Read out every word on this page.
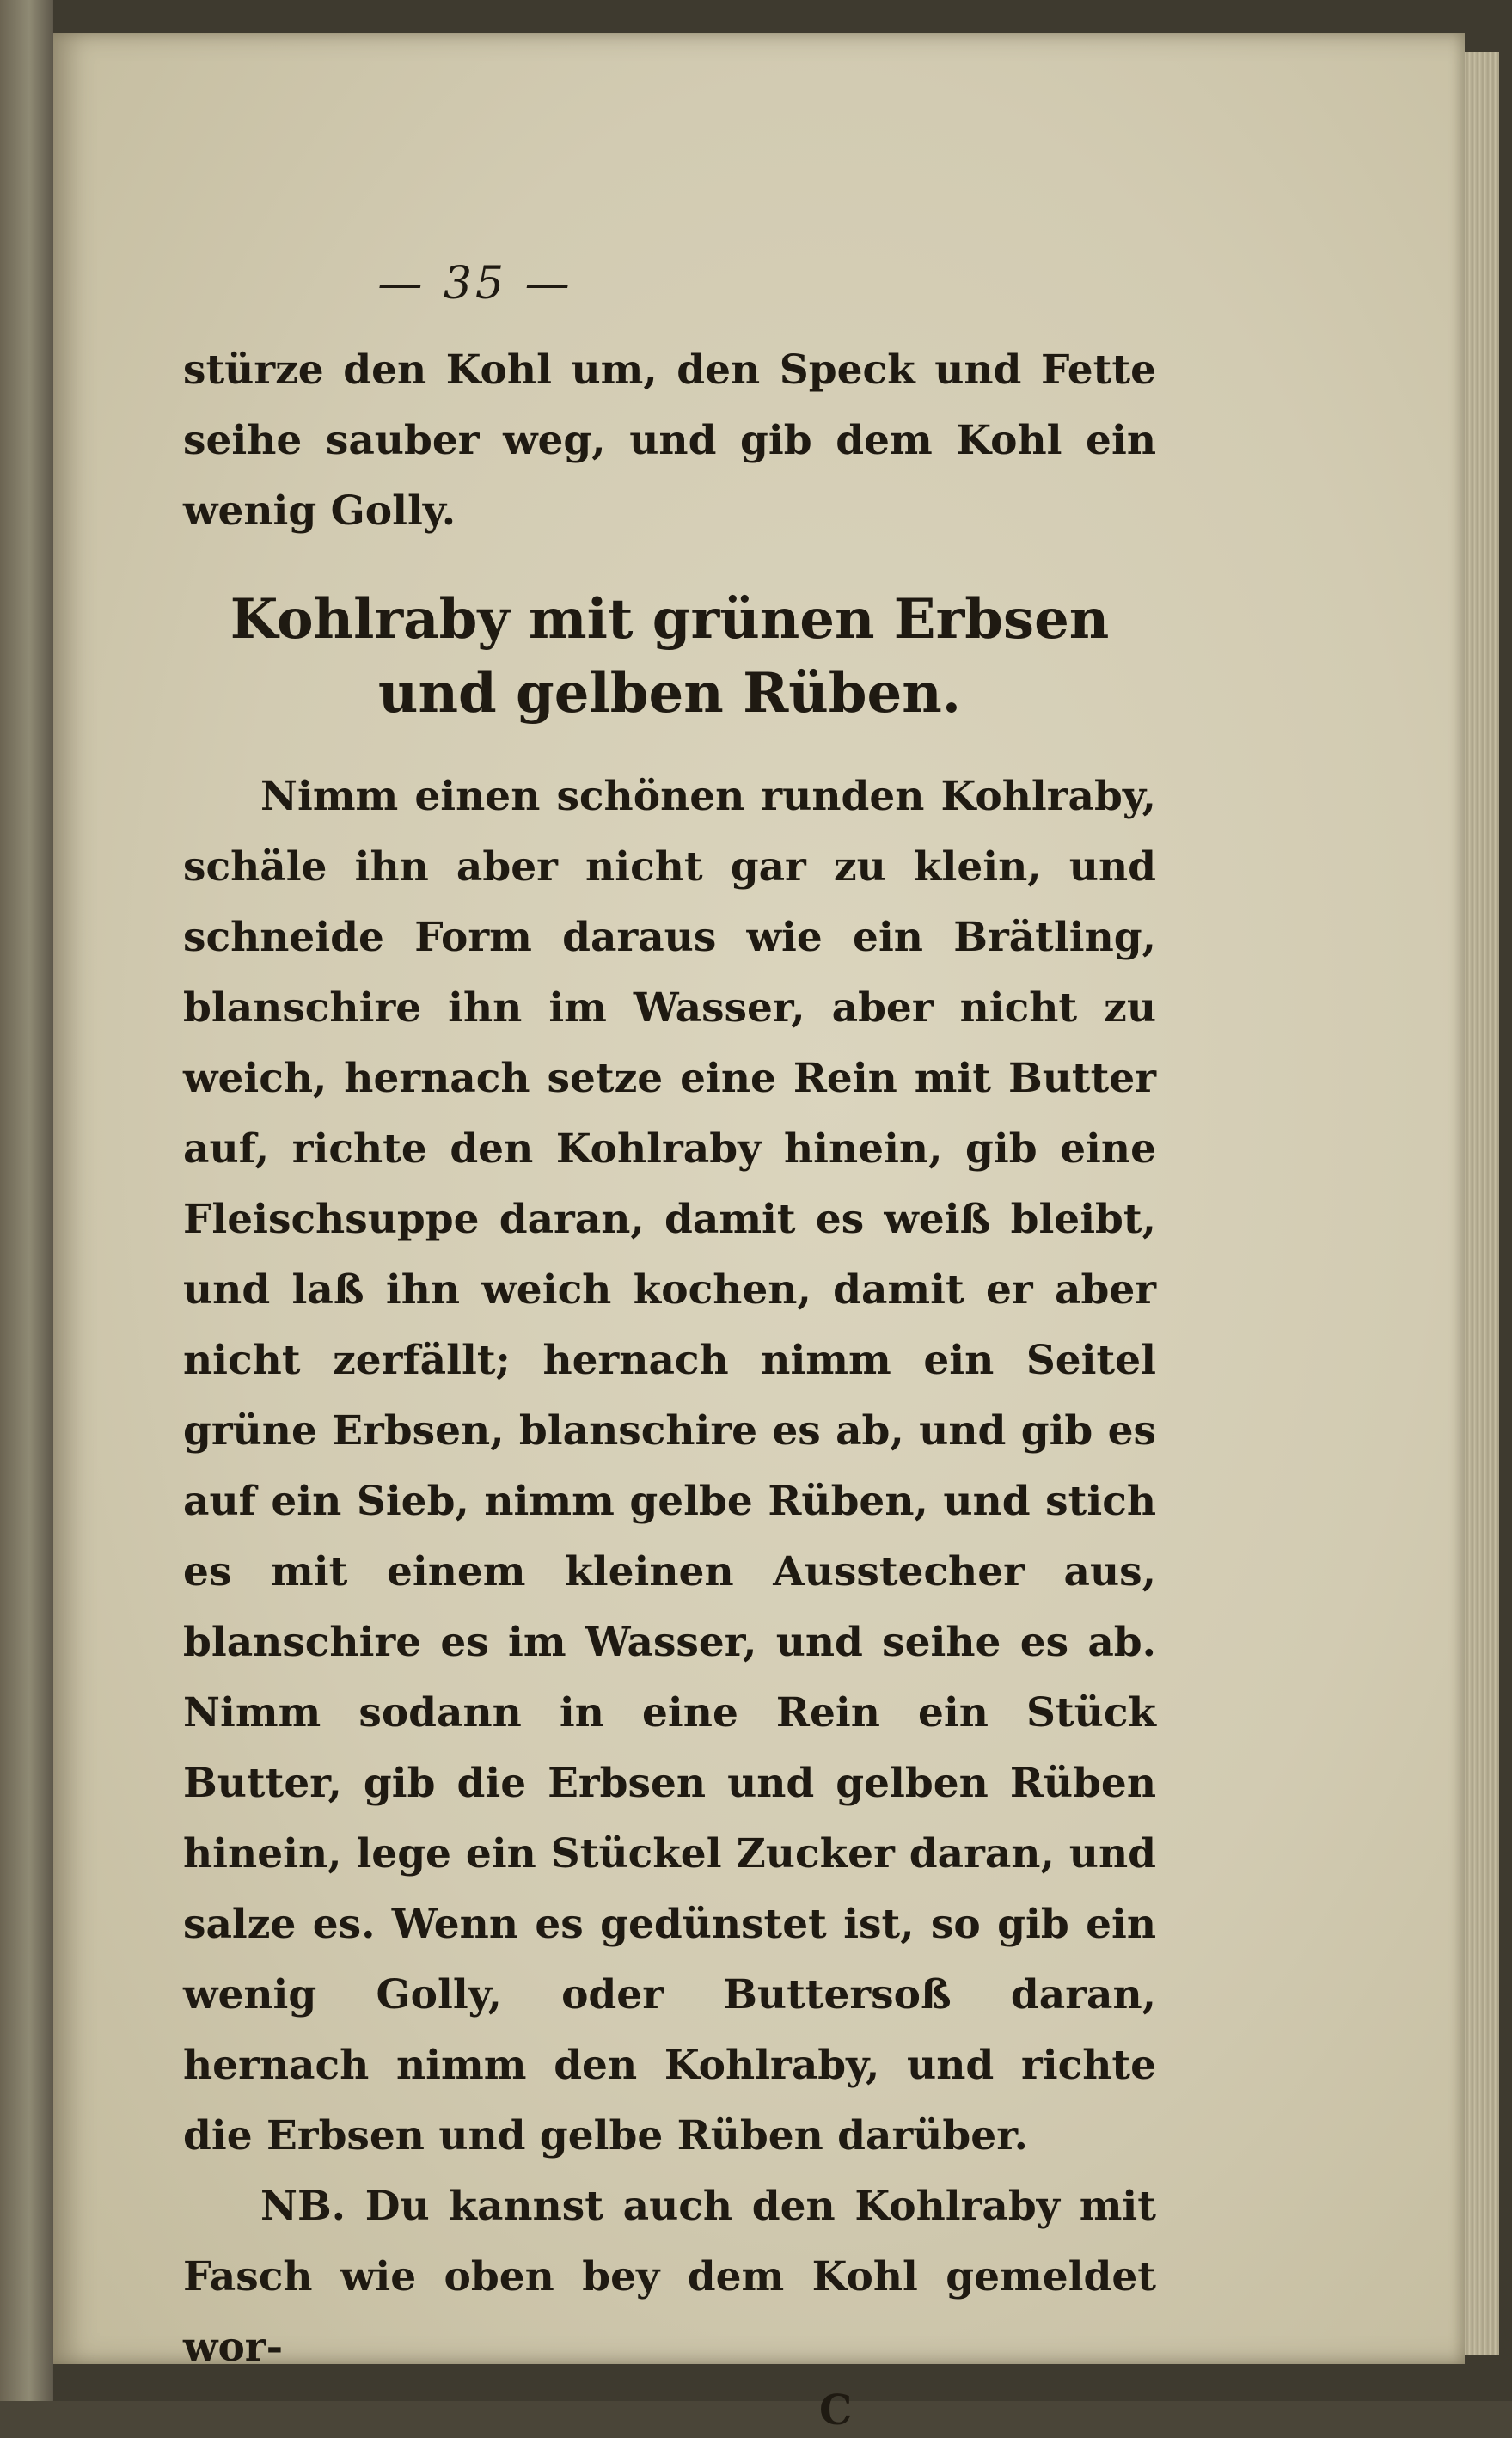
— 35 —

stürze den Kohl um, den Speck und Fette seihe sauber weg, und gib dem Kohl ein wenig Golly.

Kohlraby mit grünen Erbsen und gelben Rüben.

Nimm einen schönen runden Kohlraby, schäle ihn aber nicht gar zu klein, und schneide Form daraus wie ein Brätling, blanschire ihn im Wasser, aber nicht zu weich, hernach setze eine Rein mit Butter auf, richte den Kohlraby hinein, gib eine Fleischsuppe daran, damit es weiß bleibt, und laß ihn weich kochen, damit er aber nicht zerfällt; hernach nimm ein Seitel grüne Erbsen, blanschire es ab, und gib es auf ein Sieb, nimm gelbe Rüben, und stich es mit einem kleinen Ausstecher aus, blanschire es im Wasser, und seihe es ab. Nimm sodann in eine Rein ein Stück Butter, gib die Erbsen und gelben Rüben hinein, lege ein Stückel Zucker daran, und salze es. Wenn es gedünstet ist, so gib ein wenig Golly, oder Buttersoß daran, hernach nimm den Kohlraby, und richte die Erbsen und gelbe Rüben darüber.

NB. Du kannst auch den Kohlraby mit Fasch wie oben bey dem Kohl gemeldet wor-

C
